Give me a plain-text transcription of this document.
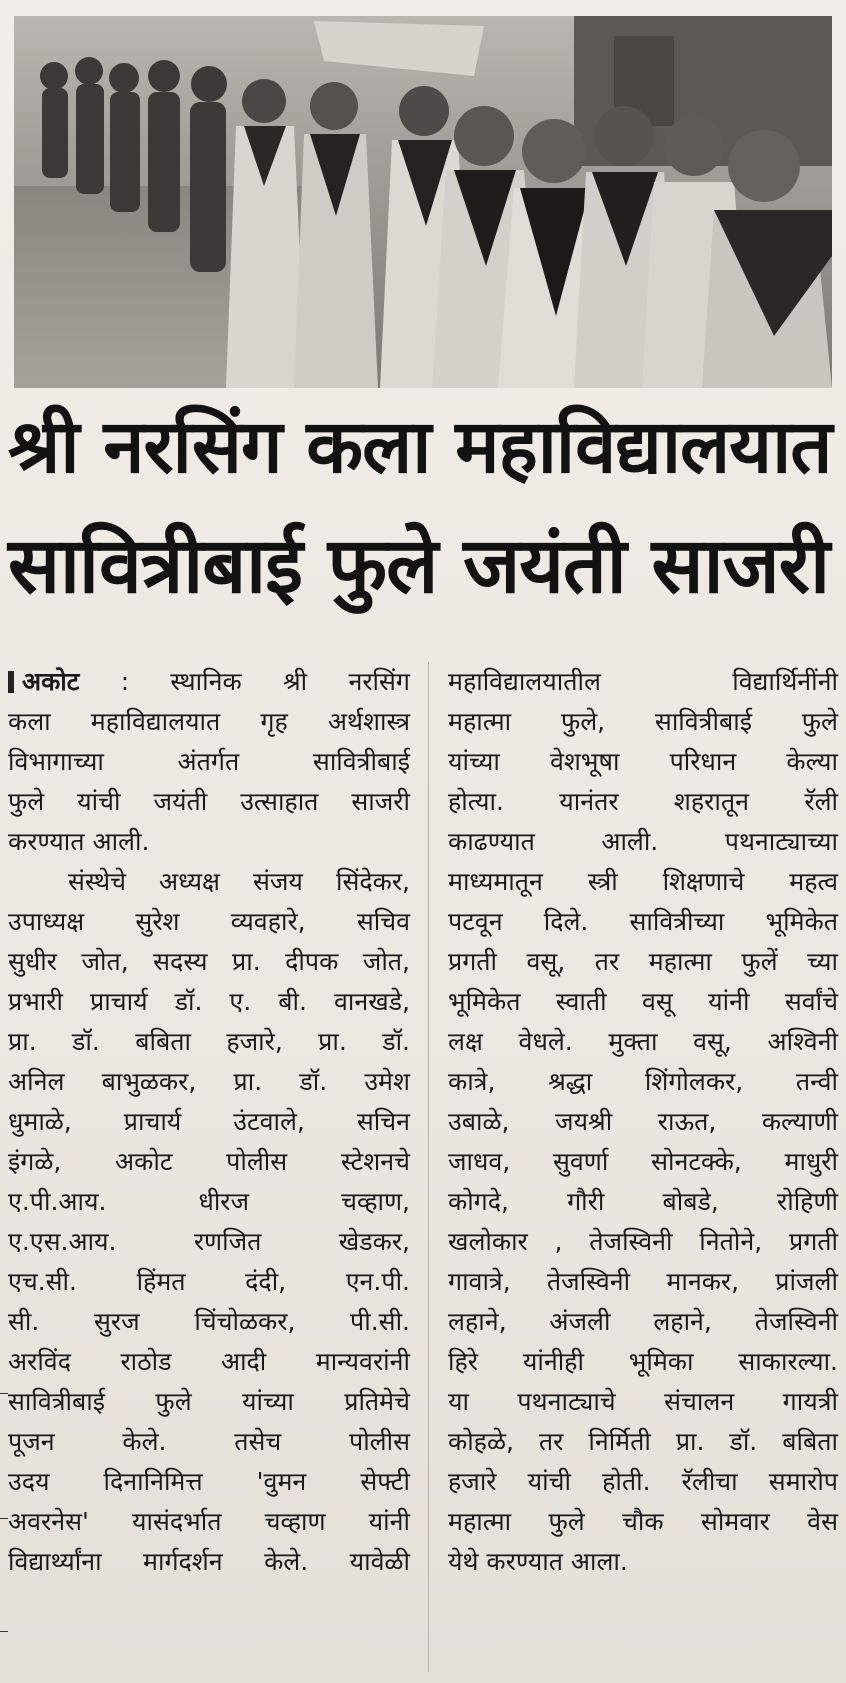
श्री नरसिंग कला महाविद्यालयात
सावित्रीबाई फुले जयंती साजरी
अकोट : स्थानिक श्री नरसिंग
कला महाविद्यालयात गृह अर्थशास्त्र
विभागाच्या अंतर्गत सावित्रीबाई
फुले यांची जयंती उत्साहात साजरी
करण्यात आली.
संस्थेचे अध्यक्ष संजय सिंदेकर,
उपाध्यक्ष सुरेश व्यवहारे, सचिव
सुधीर जोत, सदस्य प्रा. दीपक जोत,
प्रभारी प्राचार्य डॉ. ए. बी. वानखडे,
प्रा. डॉ. बबिता हजारे, प्रा. डॉ.
अनिल बाभुळकर, प्रा. डॉ. उमेश
धुमाळे, प्राचार्य उंटवाले, सचिन
इंगळे, अकोट पोलीस स्टेशनचे
ए.पी.आय. धीरज चव्हाण,
ए.एस.आय. रणजित खेडकर,
एच.सी. हिंमत दंदी, एन.पी.
सी. सुरज चिंचोळकर, पी.सी.
अरविंद राठोड आदी मान्यवरांनी
सावित्रीबाई फुले यांच्या प्रतिमेचे
पूजन केले. तसेच पोलीस
उदय दिनानिमित्त 'वुमन सेफ्टी
अवरनेस' यासंदर्भात चव्हाण यांनी
विद्यार्थ्यांना मार्गदर्शन केले. यावेळी
महाविद्यालयातील विद्यार्थिनींनी
महात्मा फुले, सावित्रीबाई फुले
यांच्या वेशभूषा परिधान केल्या
होत्या. यानंतर शहरातून रॅली
काढण्यात आली. पथनाट्याच्या
माध्यमातून स्त्री शिक्षणाचे महत्व
पटवून दिले. सावित्रीच्या भूमिकेत
प्रगती वसू, तर महात्मा फुलें च्या
भूमिकेत स्वाती वसू यांनी सर्वांचे
लक्ष वेधले. मुक्ता वसू, अश्विनी
कात्रे, श्रद्धा शिंगोलकर, तन्वी
उबाळे, जयश्री राऊत, कल्याणी
जाधव, सुवर्णा सोनटक्के, माधुरी
कोगदे, गौरी बोबडे, रोहिणी
खलोकार , तेजस्विनी नितोने, प्रगती
गावात्रे, तेजस्विनी मानकर, प्रांजली
लहाने, अंजली लहाने, तेजस्विनी
हिरे यांनीही भूमिका साकारल्या.
या पथनाट्याचे संचालन गायत्री
कोहळे, तर निर्मिती प्रा. डॉ. बबिता
हजारे यांची होती. रॅलीचा समारोप
महात्मा फुले चौक सोमवार वेस
येथे करण्यात आला.
